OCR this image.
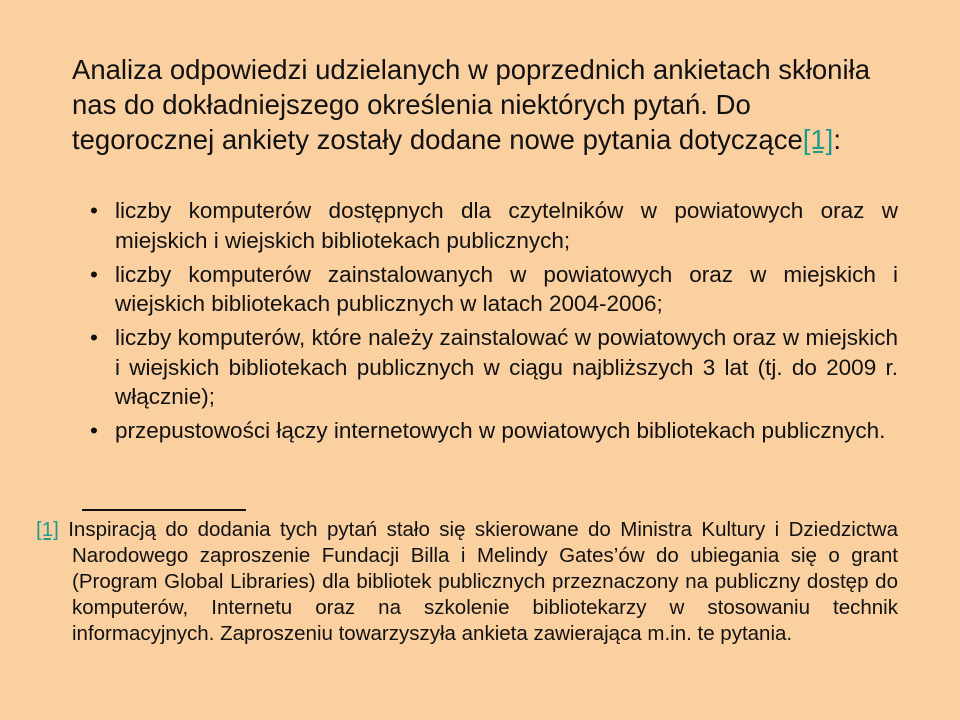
Analiza odpowiedzi udzielanych w poprzednich ankietach skłoniła nas do dokładniejszego określenia niektórych pytań. Do tegorocznej ankiety zostały dodane nowe pytania dotyczące[1]:
• liczby komputerów dostępnych dla czytelników w powiatowych oraz w miejskich i wiejskich bibliotekach publicznych;
• liczby komputerów zainstalowanych w powiatowych oraz w miejskich i wiejskich bibliotekach publicznych w latach 2004-2006;
• liczby komputerów, które należy zainstalować w powiatowych oraz w miejskich i wiejskich bibliotekach publicznych w ciągu najbliższych 3 lat (tj. do 2009 r. włącznie);
• przepustowości łączy internetowych w powiatowych bibliotekach publicznych.
[1] Inspiracją do dodania tych pytań stało się skierowane do Ministra Kultury i Dziedzictwa Narodowego zaproszenie Fundacji Billa i Melindy Gates’ów do ubiegania się o grant (Program Global Libraries) dla bibliotek publicznych przeznaczony na publiczny dostęp do komputerów, Internetu oraz na szkolenie bibliotekarzy w stosowaniu technik informacyjnych. Zaproszeniu towarzyszyła ankieta zawierająca m.in. te pytania.
